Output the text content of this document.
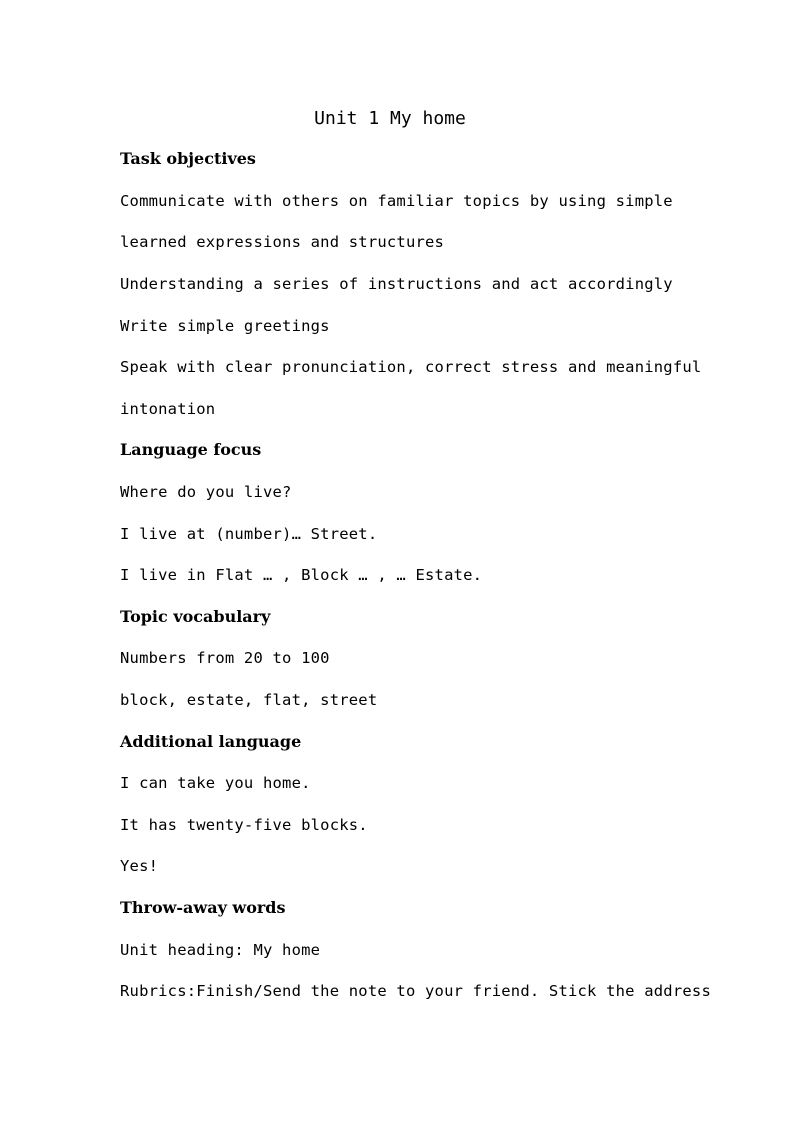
Unit 1 My home
Task objectives
Communicate with others on familiar topics by using simple
learned expressions and structures
Understanding a series of instructions and act accordingly
Write simple greetings
Speak with clear pronunciation, correct stress and meaningful
intonation
Language focus
Where do you live?
I live at (number)… Street.
I live in Flat … , Block … , … Estate.
Topic vocabulary
Numbers from 20 to 100
block, estate, flat, street
Additional language
I can take you home.
It has twenty-five blocks.
Yes!
Throw-away words
Unit heading: My home
Rubrics:Finish/Send the note to your friend. Stick the address
